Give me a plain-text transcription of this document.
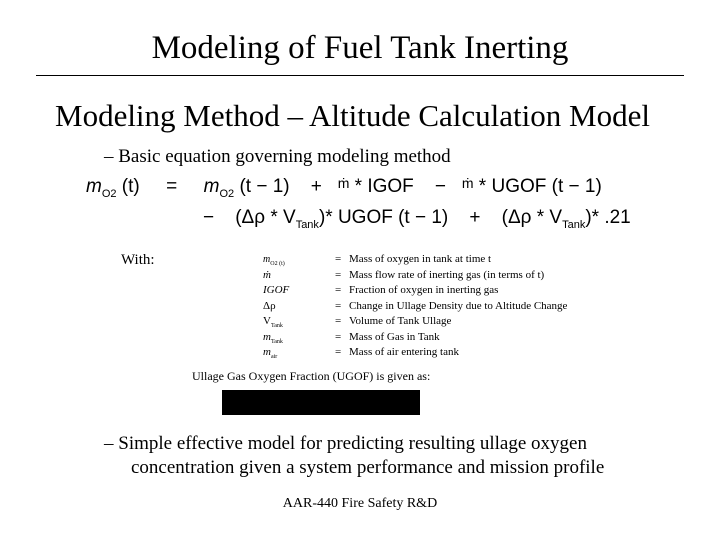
Modeling of Fuel Tank Inerting
Modeling Method – Altitude Calculation Model
– Basic equation governing modeling method
$m_{O2}$ $(t) = m_{O2}$ (t − 1) + ṁ * IGOF − ṁ * UGOF (t − 1)
− $(\Delta\rho * V_{Tank})*$ UGOF $(t - 1) + (\Delta\rho * V_{Tank})*$ .21
With:	$m_{O2 (t)}$
ṁ
IGOF
Δρ
$V_{Tank}$
$m_{Tank}$
$m_{air}$
= Mass of oxygen in tank at time t
= Mass flow rate of inerting gas (in terms of t)
= Fraction of oxygen in inerting gas
= Change in Ullage Density due to Altitude Change
= Volume of Tank Ullage
= Mass of Gas in Tank
= Mass of air entering tank
Ullage Gas Oxygen Fraction (UGOF) is given as:
– Simple effective model for predicting resulting ullage oxygen
concentration given a system performance and mission profile
AAR-440 Fire Safety R&D
